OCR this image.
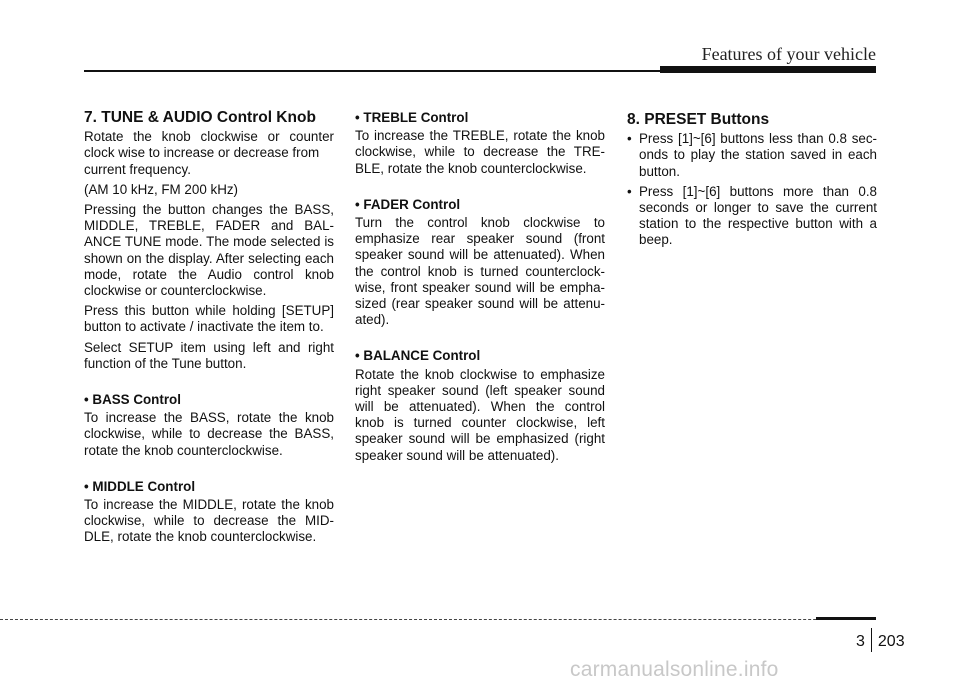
Features of your vehicle
7. TUNE & AUDIO Control Knob
Rotate the knob clockwise or counter clock wise to increase or decrease from
current frequency.
(AM 10 kHz, FM 200 kHz)
Pressing the button changes the BASS, MIDDLE, TREBLE, FADER and BAL-ANCE TUNE mode. The mode selected is shown on the display. After selecting each mode, rotate the Audio control knob clockwise or counterclockwise.
Press this button while holding [SETUP] button to activate / inactivate the item to.
Select SETUP item using left and right function of the Tune button.
• BASS Control
To increase the BASS, rotate the knob clockwise, while to decrease the BASS, rotate the knob counterclockwise.
• MIDDLE Control
To increase the MIDDLE, rotate the knob clockwise, while to decrease the MID-DLE, rotate the knob counterclockwise.
• TREBLE Control
To increase the TREBLE, rotate the knob clockwise, while to decrease the TRE-BLE, rotate the knob counterclockwise.
• FADER Control
Turn the control knob clockwise to emphasize rear speaker sound (front speaker sound will be attenuated). When the control knob is turned counterclock-wise, front speaker sound will be empha-sized (rear speaker sound will be attenu-ated).
• BALANCE Control
Rotate the knob clockwise to emphasize right speaker sound (left speaker sound will be attenuated). When the control knob is turned counter clockwise, left speaker sound will be emphasized (right speaker sound will be attenuated).
8. PRESET Buttons
• Press [1]~[6] buttons less than 0.8 sec-onds to play the station saved in each button.
• Press [1]~[6] buttons more than 0.8 seconds or longer to save the current station to the respective button with a beep.
3 203
carmanualsonline.info
